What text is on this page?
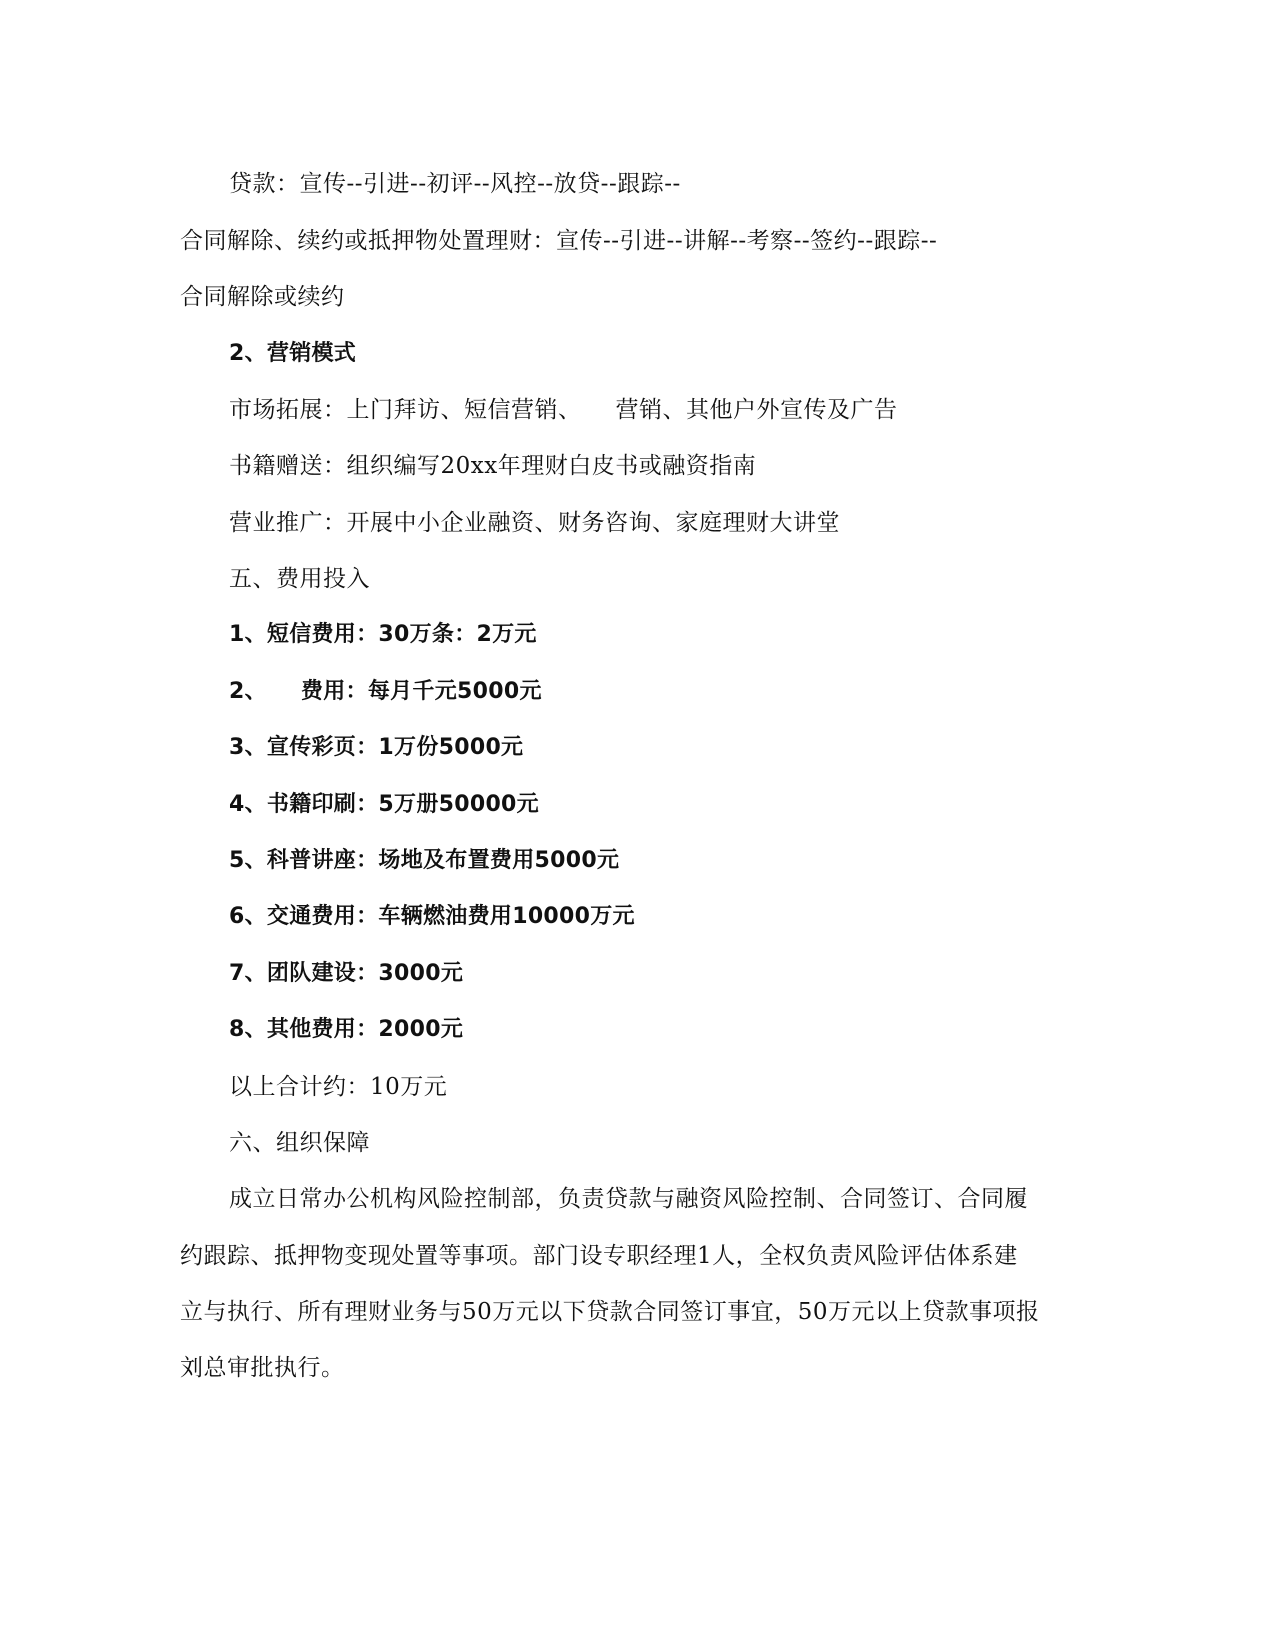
贷款：宣传--引进--初评--风控--放贷--跟踪--
合同解除、续约或抵押物处置理财：宣传--引进--讲解--考察--签约--跟踪--
合同解除或续约
2、营销模式
市场拓展：上门拜访、短信营销、 营销、其他户外宣传及广告
书籍赠送：组织编写20xx年理财白皮书或融资指南
营业推广：开展中小企业融资、财务咨询、家庭理财大讲堂
五、费用投入
1、短信费用：30万条：2万元
2、 费用：每月千元5000元
3、宣传彩页：1万份5000元
4、书籍印刷：5万册50000元
5、科普讲座：场地及布置费用5000元
6、交通费用：车辆燃油费用10000万元
7、团队建设：3000元
8、其他费用：2000元
以上合计约：10万元
六、组织保障
成立日常办公机构风险控制部，负责贷款与融资风险控制、合同签订、合同履
约跟踪、抵押物变现处置等事项。部门设专职经理1人，全权负责风险评估体系建
立与执行、所有理财业务与50万元以下贷款合同签订事宜，50万元以上贷款事项报
刘总审批执行。
